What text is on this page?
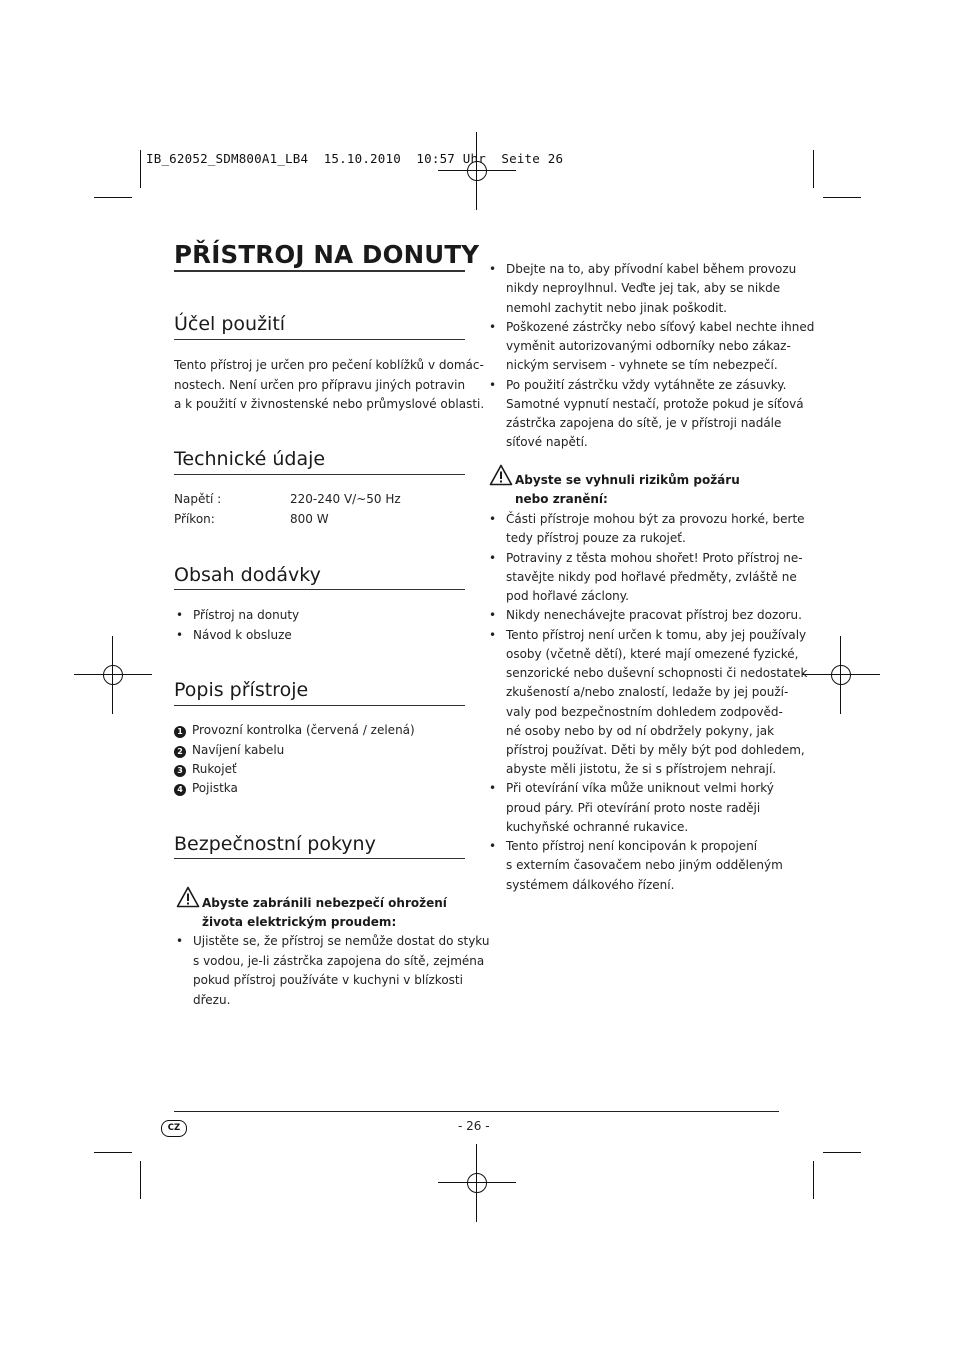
IB_62052_SDM800A1_LB4  15.10.2010  10:57 Uhr  Seite 26
PŘÍSTROJ NA DONUTY
Účel použití
Tento přístroj je určen pro pečení koblížků v domác-
nostech. Není určen pro přípravu jiných potravin
a k použití v živnostenské nebo průmyslové oblasti.
Technické údaje
Napětí :	220-240 V/~50 Hz
Příkon:	800 W
Obsah dodávky
• Přístroj na donuty
• Návod k obsluze
Popis přístroje
1 Provozní kontrolka (červená / zelená)
2 Navíjení kabelu
3 Rukojeť
4 Pojistka
Bezpečnostní pokyny
Abyste zabránili nebezpečí ohrožení
života elektrickým proudem:
• Ujistěte se, že přístroj se nemůže dostat do styku
s vodou, je-li zástrčka zapojena do sítě, zejména
pokud přístroj používáte v kuchyni v blízkosti
dřezu.
• Dbejte na to, aby přívodní kabel během provozu
nikdy neproylhnul. Veďte jej tak, aby se nikde
nemohl zachytit nebo jinak poškodit.
• Poškozené zástrčky nebo síťový kabel nechte ihned
vyměnit autorizovanými odborníky nebo zákaz-
nickým servisem - vyhnete se tím nebezpečí.
• Po použití zástrčku vždy vytáhněte ze zásuvky.
Samotné vypnutí nestačí, protože pokud je síťová
zástrčka zapojena do sítě, je v přístroji nadále
síťové napětí.
Abyste se vyhnuli rizikům požáru
nebo zranění:
• Části přístroje mohou být za provozu horké, berte
tedy přístroj pouze za rukojeť.
• Potraviny z těsta mohou shořet! Proto přístroj ne-
stavějte nikdy pod hořlavé předměty, zvláště ne
pod hořlavé záclony.
• Nikdy nenechávejte pracovat přístroj bez dozoru.
• Tento přístroj není určen k tomu, aby jej používaly
osoby (včetně dětí), které mají omezené fyzické,
senzorické nebo duševní schopnosti či nedostatek
zkušeností a/nebo znalostí, ledaže by jej použí-
valy pod bezpečnostním dohledem zodpověd-
né osoby nebo by od ní obdržely pokyny, jak
přístroj používat. Děti by měly být pod dohledem,
abyste měli jistotu, že si s přístrojem nehrají.
• Při otevírání víka může uniknout velmi horký
proud páry. Při otevírání proto noste raději
kuchyňské ochranné rukavice.
• Tento přístroj není koncipován k propojení
s externím časovačem nebo jiným odděleným
systémem dálkového řízení.
CZ	- 26 -
